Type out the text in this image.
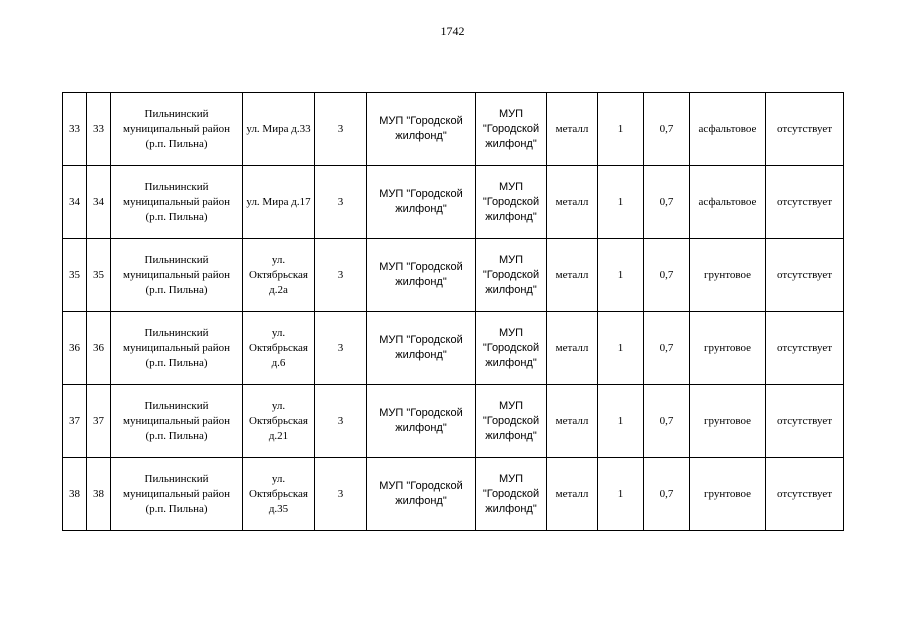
1742
33	33	Пильнинский муниципальный район (р.п. Пильна)	ул. Мира д.33	3	МУП "Городской жилфонд"	МУП "Городской жилфонд"	металл	1	0,7	асфальтовое	отсутствует
34	34	Пильнинский муниципальный район (р.п. Пильна)	ул. Мира д.17	3	МУП "Городской жилфонд"	МУП "Городской жилфонд"	металл	1	0,7	асфальтовое	отсутствует
35	35	Пильнинский муниципальный район (р.п. Пильна)	ул. Октябрьская д.2а	3	МУП "Городской жилфонд"	МУП "Городской жилфонд"	металл	1	0,7	грунтовое	отсутствует
36	36	Пильнинский муниципальный район (р.п. Пильна)	ул. Октябрьская д.6	3	МУП "Городской жилфонд"	МУП "Городской жилфонд"	металл	1	0,7	грунтовое	отсутствует
37	37	Пильнинский муниципальный район (р.п. Пильна)	ул. Октябрьская д.21	3	МУП "Городской жилфонд"	МУП "Городской жилфонд"	металл	1	0,7	грунтовое	отсутствует
38	38	Пильнинский муниципальный район (р.п. Пильна)	ул. Октябрьская д.35	3	МУП "Городской жилфонд"	МУП "Городской жилфонд"	металл	1	0,7	грунтовое	отсутствует
